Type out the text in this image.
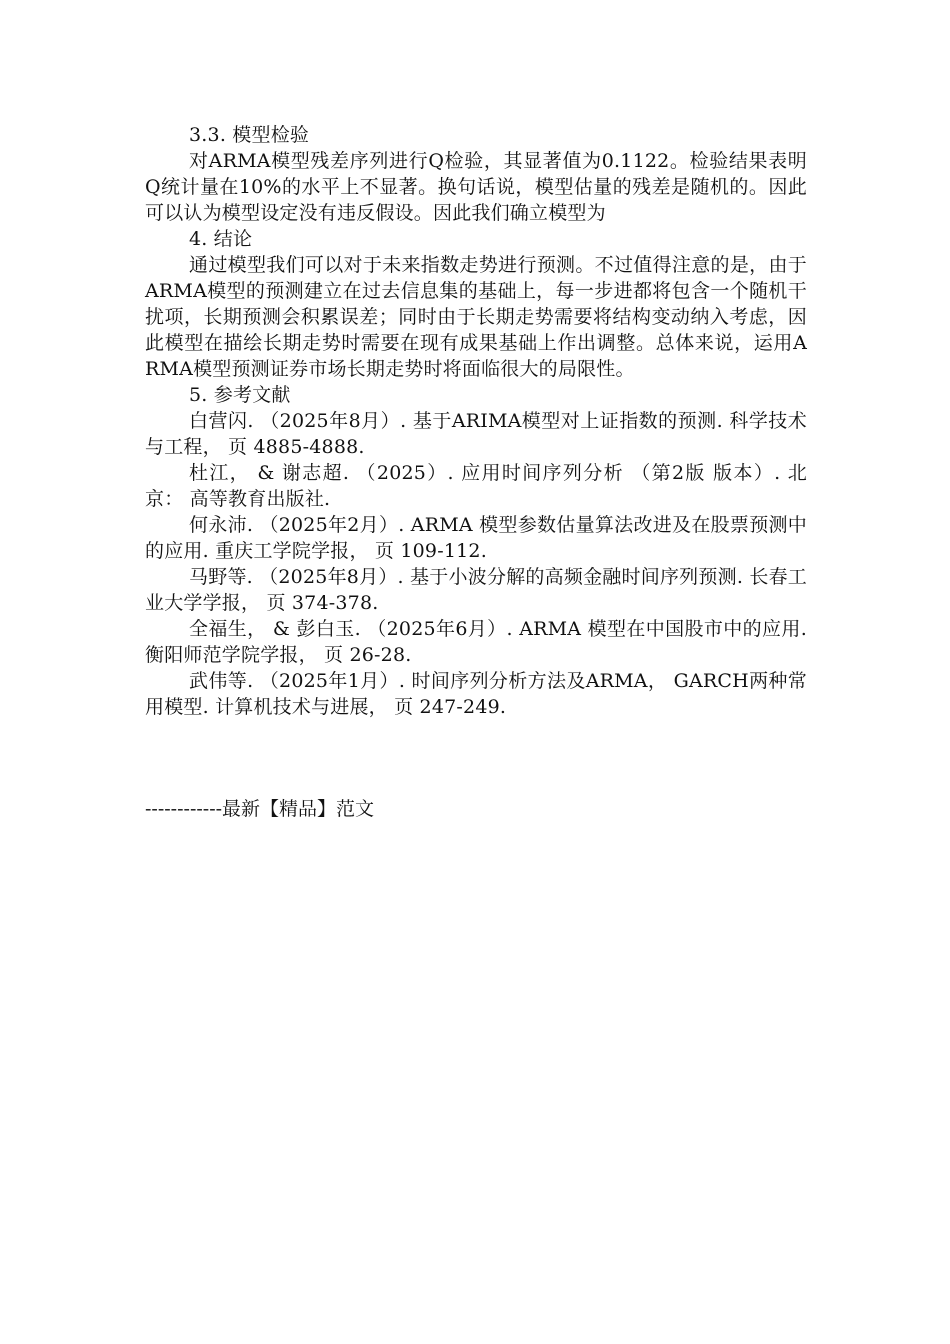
3.3. 模型检验

对ARMA模型残差序列进行Q检验，其显著值为0.1122。检验结果表明Q统计量在10%的水平上不显著。换句话说，模型估量的残差是随机的。因此可以认为模型设定没有违反假设。因此我们确立模型为

4. 结论

通过模型我们可以对于未来指数走势进行预测。不过值得注意的是，由于ARMA模型的预测建立在过去信息集的基础上，每一步进都将包含一个随机干扰项，长期预测会积累误差；同时由于长期走势需要将结构变动纳入考虑，因此模型在描绘长期走势时需要在现有成果基础上作出调整。总体来说，运用ARMA模型预测证券市场长期走势时将面临很大的局限性。

5. 参考文献

白营闪. （2025年8月）. 基于ARIMA模型对上证指数的预测. 科学技术与工程， 页 4885-4888.

杜江， & 谢志超. （2025）. 应用时间序列分析 （第2版 版本）. 北京： 高等教育出版社.

何永沛. （2025年2月）. ARMA 模型参数估量算法改进及在股票预测中的应用. 重庆工学院学报， 页 109-112.

马野等. （2025年8月）. 基于小波分解的高频金融时间序列预测. 长春工业大学学报， 页 374-378.

全福生， & 彭白玉. （2025年6月）. ARMA 模型在中国股市中的应用. 衡阳师范学院学报， 页 26-28.

武伟等. （2025年1月）. 时间序列分析方法及ARMA， GARCH两种常用模型. 计算机技术与进展， 页 247-249.

------------最新【精品】范文
